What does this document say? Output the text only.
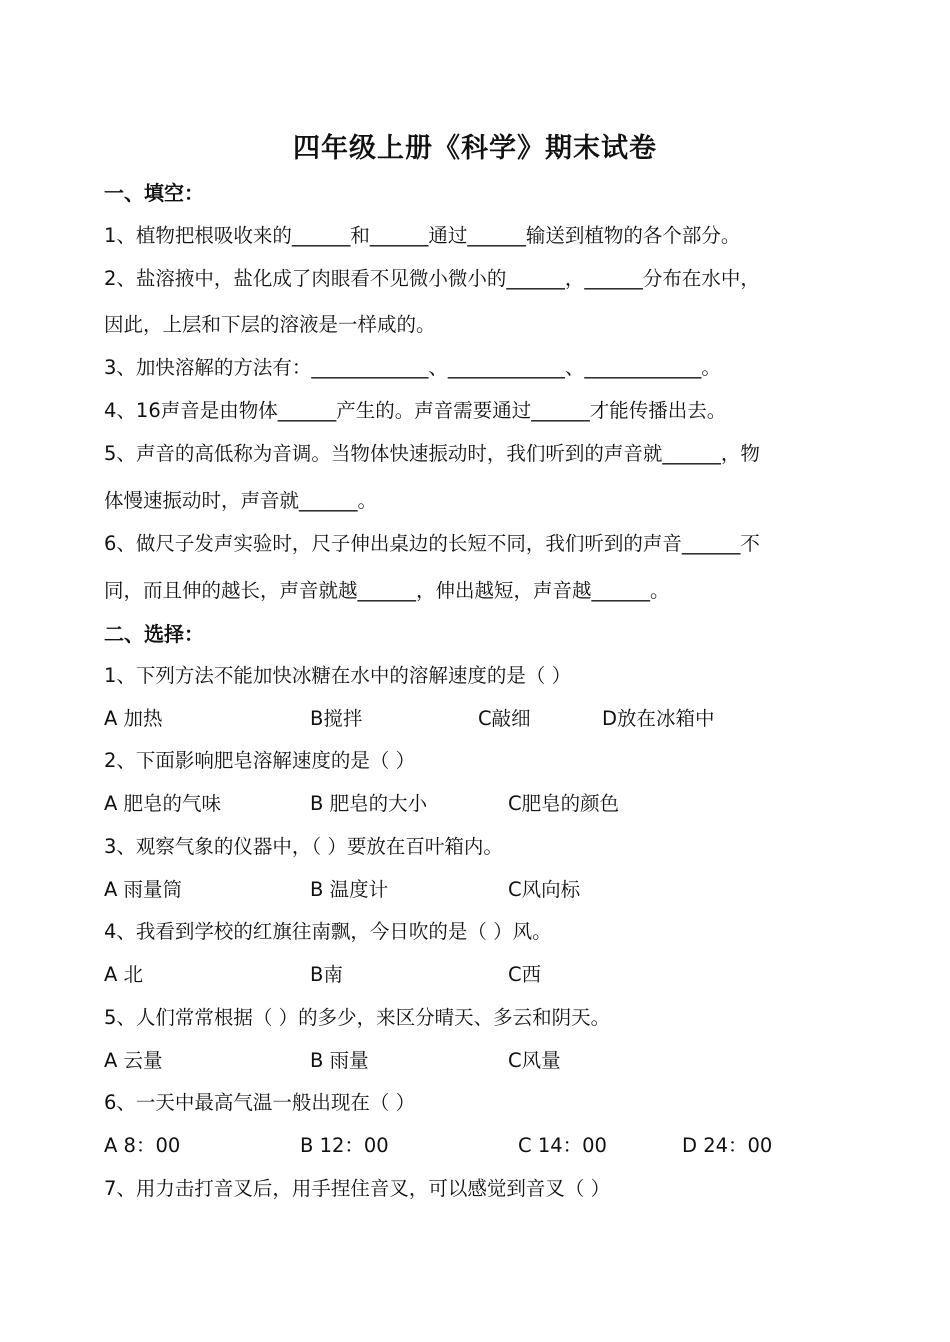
四年级上册《科学》期末试卷
一、填空：
1、植物把根吸收来的______和______通过______输送到植物的各个部分。
2、盐溶掖中，盐化成了肉眼看不见微小微小的______，______分布在水中，
因此，上层和下层的溶液是一样咸的。
3、加快溶解的方法有：____________、____________、____________。
4、16声音是由物体______产生的。声音需要通过______才能传播出去。
5、声音的高低称为音调。当物体快速振动时，我们听到的声音就______，物
体慢速振动时，声音就______。
6、做尺子发声实验时，尺子伸出桌边的长短不同，我们听到的声音______不
同，而且伸的越长，声音就越______，伸出越短，声音越______。
二、选择：
1、下列方法不能加快冰糖在水中的溶解速度的是（ ）
A 加热	B搅拌	C敲细	D放在冰箱中
2、下面影响肥皂溶解速度的是（ ）
A 肥皂的气味	B 肥皂的大小	C肥皂的颜色
3、观察气象的仪器中，（ ）要放在百叶箱内。
A 雨量筒	B 温度计	C风向标
4、我看到学校的红旗往南飘，今日吹的是（ ）风。
A 北	B南	C西
5、人们常常根据（ ）的多少，来区分晴天、多云和阴天。
A 云量	B 雨量	C风量
6、一天中最高气温一般出现在（ ）
A 8：00	B 12：00	C 14：00	D 24：00
7、用力击打音叉后，用手捏住音叉，可以感觉到音叉（ ）
